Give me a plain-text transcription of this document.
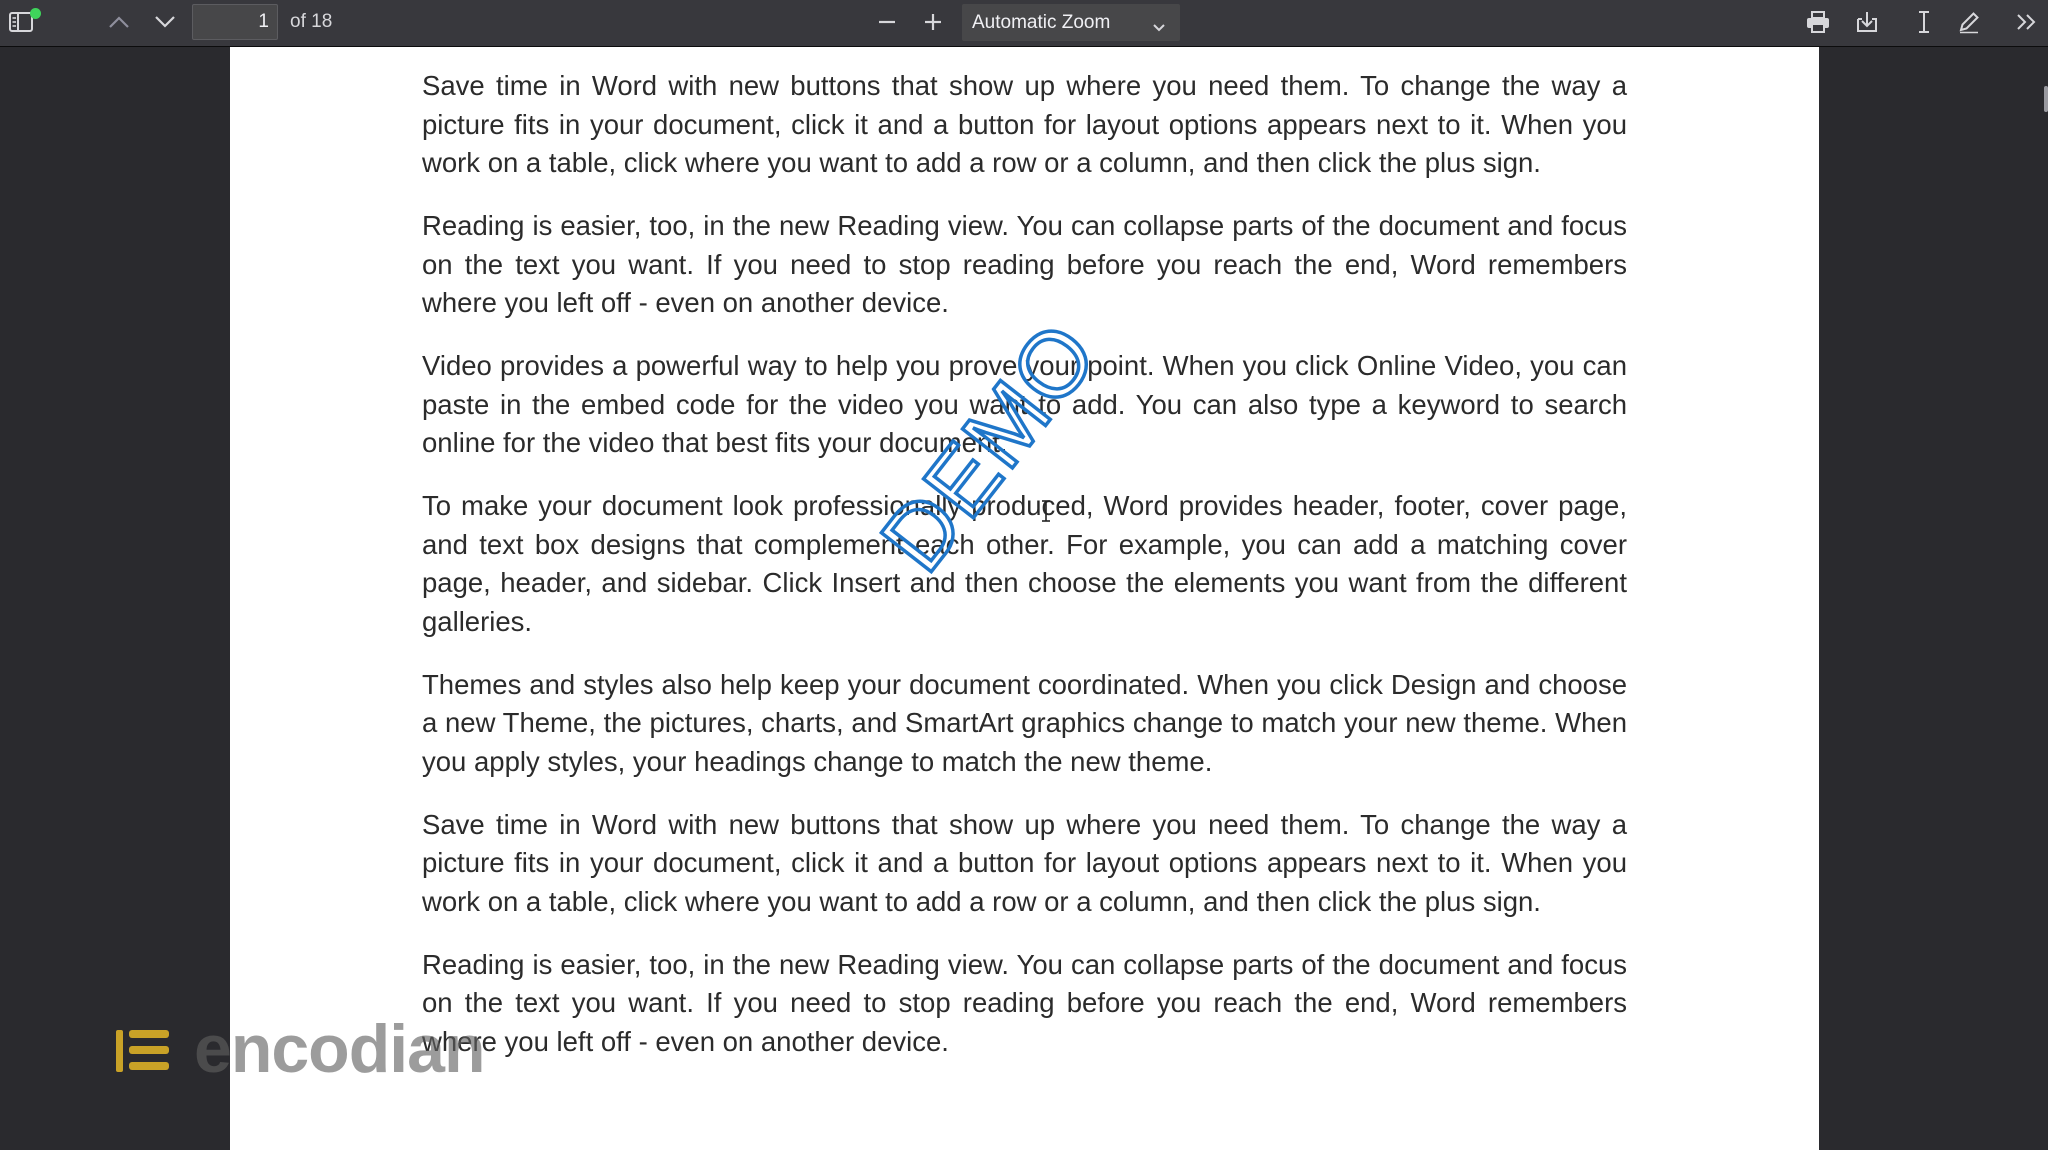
1
of 18	Automatic Zoom

Save time in Word with new buttons that show up where you need them. To change the way a picture fits in your document, click it and a button for layout options appears next to it. When you work on a table, click where you want to add a row or a column, and then click the plus sign.

Reading is easier, too, in the new Reading view. You can collapse parts of the document and focus on the text you want. If you need to stop reading before you reach the end, Word remembers where you left off - even on another device.

Video provides a powerful way to help you prove your point. When you click Online Video, you can paste in the embed code for the video you want to add. You can also type a keyword to search online for the video that best fits your document.

To make your document look professionally produced, Word provides header, footer, cover page, and text box designs that complement each other. For example, you can add a matching cover page, header, and sidebar. Click Insert and then choose the elements you want from the different galleries.

Themes and styles also help keep your document coordinated. When you click Design and choose a new Theme, the pictures, charts, and SmartArt graphics change to match your new theme. When you apply styles, your headings change to match the new theme.

Save time in Word with new buttons that show up where you need them. To change the way a picture fits in your document, click it and a button for layout options appears next to it. When you work on a table, click where you want to add a row or a column, and then click the plus sign.

Reading is easier, too, in the new Reading view. You can collapse parts of the document and focus on the text you want. If you need to stop reading before you reach the end, Word remembers where you left off - even on another device.

DEMO
encodian
